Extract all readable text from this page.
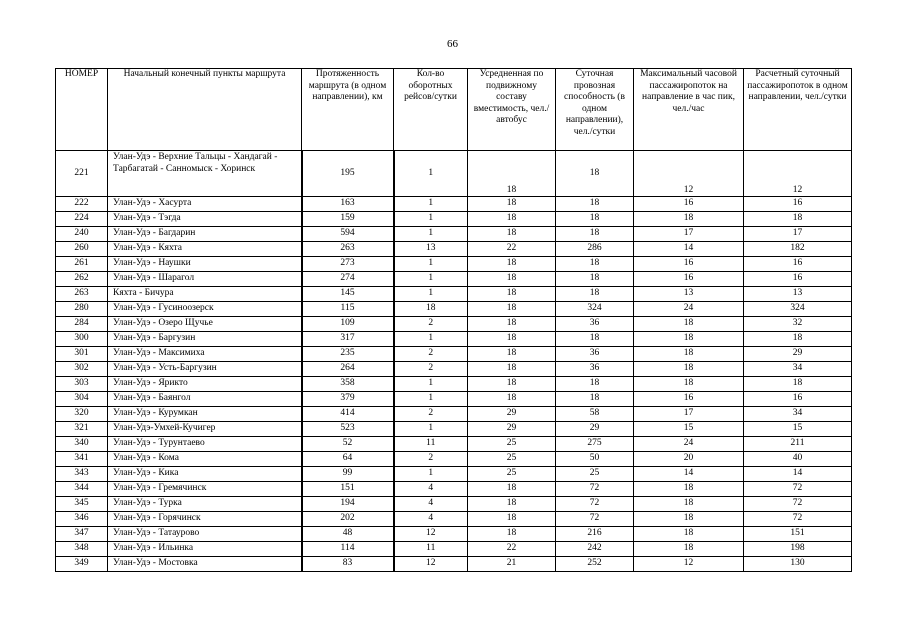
66
НОМЕР	Начальный конечный пункты маршрута	Протяженность маршрута (в одном направлении), км	Кол-во оборотных рейсов/сутки	Усредненная по подвижному составу вместимость, чел./автобус	Суточная провозная способность (в одном направлении), чел./сутки	Максимальный часовой пассажиропоток на направление в час пик, чел./час	Расчетный суточный пассажиропоток в одном направлении, чел./сутки
221	Улан-Удэ - Верхние Тальцы - Хандагай - Тарбагатай - Санномыск - Хоринск	195	1	18	18	12	12
222	Улан-Удэ - Хасурта	163	1	18	18	16	16
224	Улан-Удэ - Тэгда	159	1	18	18	18	18
240	Улан-Удэ - Багдарин	594	1	18	18	17	17
260	Улан-Удэ - Кяхта	263	13	22	286	14	182
261	Улан-Удэ - Наушки	273	1	18	18	16	16
262	Улан-Удэ - Шарагол	274	1	18	18	16	16
263	Кяхта - Бичура	145	1	18	18	13	13
280	Улан-Удэ - Гусиноозерск	115	18	18	324	24	324
284	Улан-Удэ - Озеро Щучье	109	2	18	36	18	32
300	Улан-Удэ - Баргузин	317	1	18	18	18	18
301	Улан-Удэ - Максимиха	235	2	18	36	18	29
302	Улан-Удэ - Усть-Баргузин	264	2	18	36	18	34
303	Улан-Удэ - Ярикто	358	1	18	18	18	18
304	Улан-Удэ - Баянгол	379	1	18	18	16	16
320	Улан-Удэ - Курумкан	414	2	29	58	17	34
321	Улан-Удэ-Умхей-Кучигер	523	1	29	29	15	15
340	Улан-Удэ - Турунтаево	52	11	25	275	24	211
341	Улан-Удэ - Кома	64	2	25	50	20	40
343	Улан-Удэ - Кика	99	1	25	25	14	14
344	Улан-Удэ - Гремячинск	151	4	18	72	18	72
345	Улан-Удэ - Турка	194	4	18	72	18	72
346	Улан-Удэ - Горячинск	202	4	18	72	18	72
347	Улан-Удэ - Татаурово	48	12	18	216	18	151
348	Улан-Удэ - Ильинка	114	11	22	242	18	198
349	Улан-Удэ - Мостовка	83	12	21	252	12	130
